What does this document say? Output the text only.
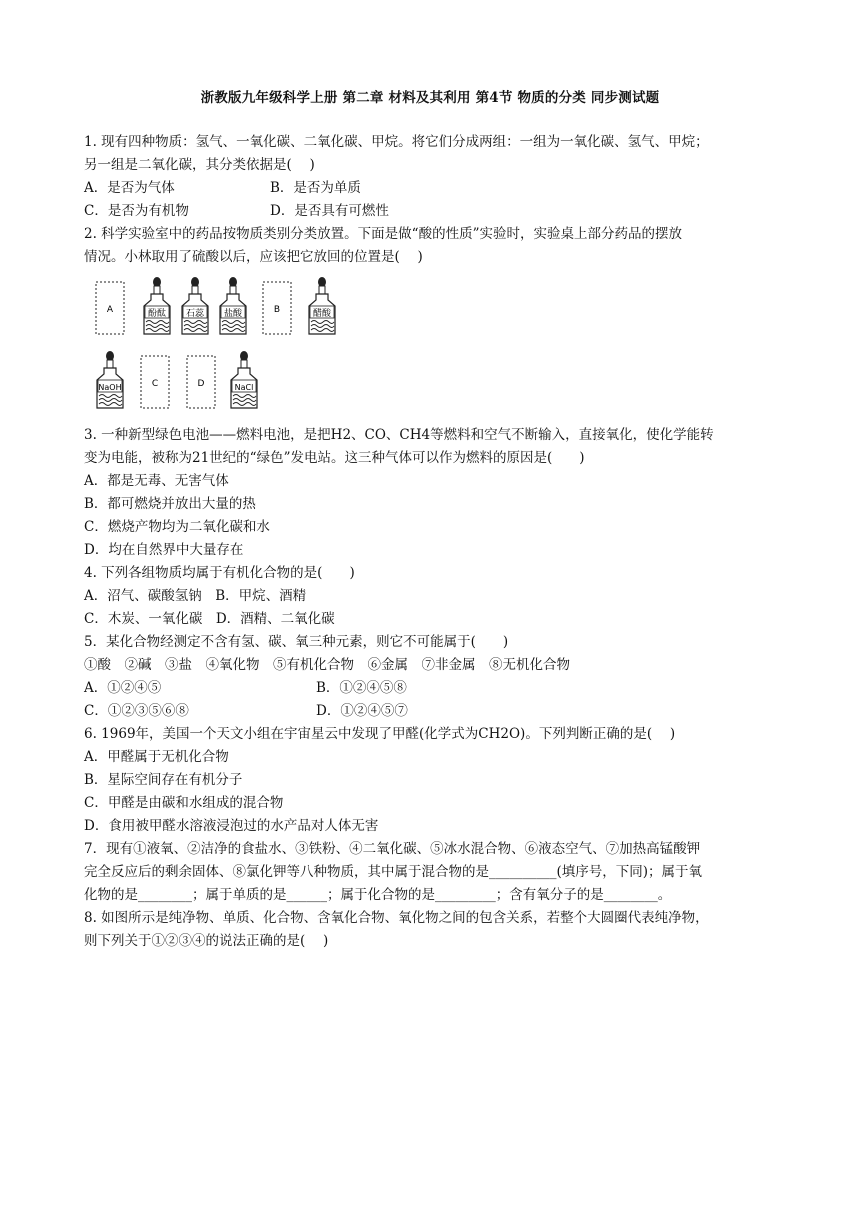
浙教版九年级科学上册 第二章 材料及其利用 第4节 物质的分类 同步测试题
1. 现有四种物质：氢气、一氧化碳、二氧化碳、甲烷。将它们分成两组：一组为一氧化碳、氢气、甲烷；
另一组是二氧化碳，其分类依据是(　 )
A．是否为气体	B．是否为单质
C．是否为有机物	D．是否具有可燃性
2. 科学实验室中的药品按物质类别分类放置。下面是做“酸的性质”实验时，实验桌上部分药品的摆放
情况。小林取用了硫酸以后，应该把它放回的位置是(　 )
A	酚酞 石蕊 盐酸	B	醋酸
NaOH	C	D	NaCl
3. 一种新型绿色电池——燃料电池，是把H2、CO、CH4等燃料和空气不断输入，直接氧化，使化学能转
变为电能，被称为21世纪的“绿色”发电站。这三种气体可以作为燃料的原因是(　　)
A．都是无毒、无害气体
B．都可燃烧并放出大量的热
C．燃烧产物均为二氧化碳和水
D．均在自然界中大量存在
4. 下列各组物质均属于有机化合物的是(　　)
A．沼气、碳酸氢钠　B．甲烷、酒精
C．木炭、一氧化碳　D．酒精、二氧化碳
5．某化合物经测定不含有氢、碳、氧三种元素，则它不可能属于(　　)
①酸　②碱　③盐　④氧化物　⑤有机化合物　⑥金属　⑦非金属　⑧无机化合物
A．①②④⑤	B．①②④⑤⑧
C．①②③⑤⑥⑧	D．①②④⑤⑦
6. 1969年，美国一个天文小组在宇宙星云中发现了甲醛(化学式为CH2O)。下列判断正确的是(　 )
A．甲醛属于无机化合物
B．星际空间存在有机分子
C．甲醛是由碳和水组成的混合物
D．食用被甲醛水溶液浸泡过的水产品对人体无害
7．现有①液氧、②洁净的食盐水、③铁粉、④二氧化碳、⑤冰水混合物、⑥液态空气、⑦加热高锰酸钾
完全反应后的剩余固体、⑧氯化钾等八种物质，其中属于混合物的是__________(填序号，下同)；属于氧
化物的是________；属于单质的是______；属于化合物的是_________；含有氧分子的是________。
8. 如图所示是纯净物、单质、化合物、含氧化合物、氧化物之间的包含关系，若整个大圆圈代表纯净物，
则下列关于①②③④的说法正确的是(　 )
